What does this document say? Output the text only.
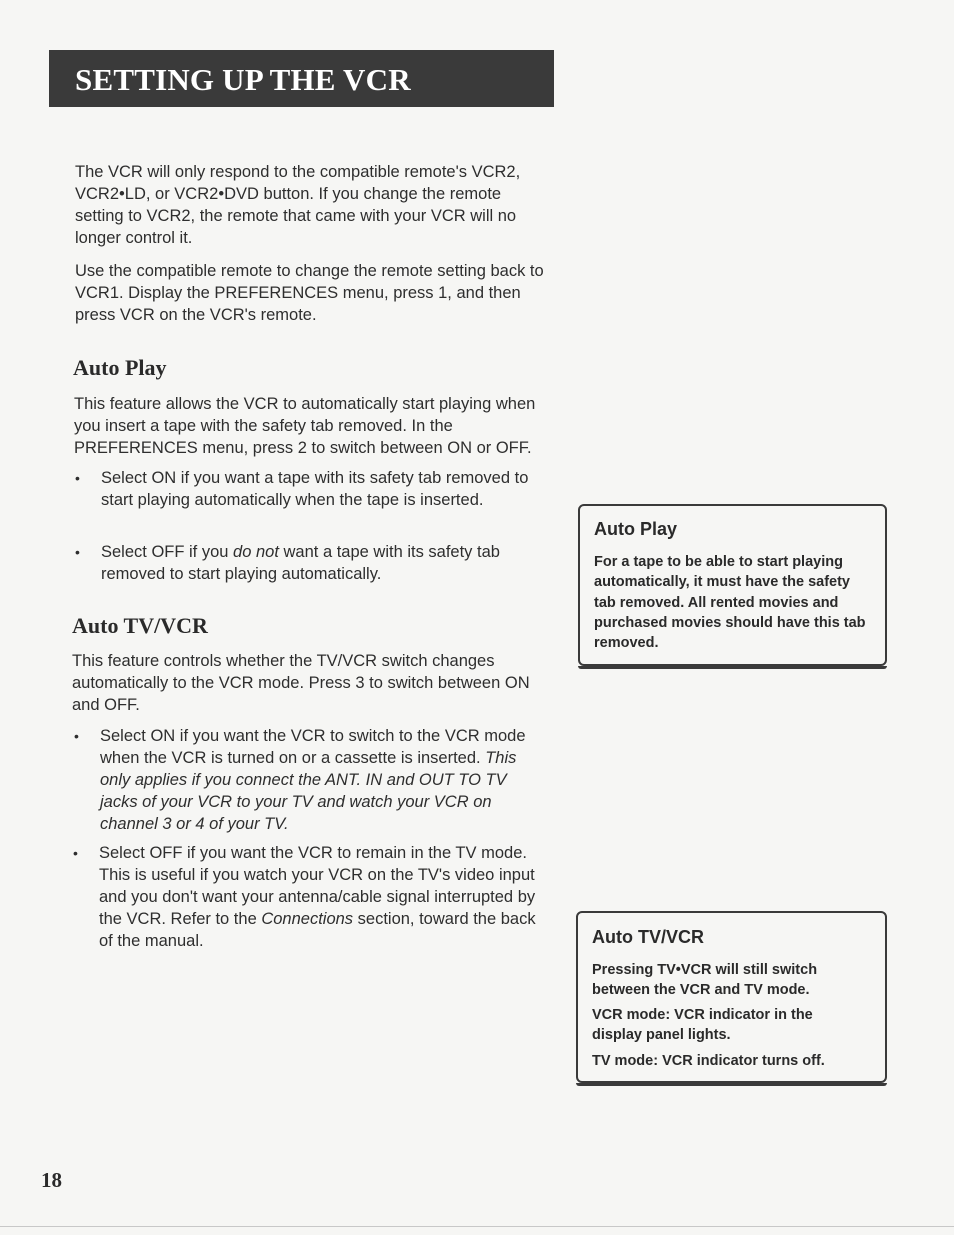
SETTING UP THE VCR

The VCR will only respond to the compatible remote's VCR2, VCR2•LD, or VCR2•DVD button. If you change the remote setting to VCR2, the remote that came with your VCR will no longer control it.

Use the compatible remote to change the remote setting back to VCR1. Display the PREFERENCES menu, press 1, and then press VCR on the VCR's remote.

Auto Play

This feature allows the VCR to automatically start playing when you insert a tape with the safety tab removed. In the PREFERENCES menu, press 2 to switch between ON or OFF.

• Select ON if you want a tape with its safety tab removed to start playing automatically when the tape is inserted.
• Select OFF if you do not want a tape with its safety tab removed to start playing automatically.
Auto TV/VCR

This feature controls whether the TV/VCR switch changes automatically to the VCR mode. Press 3 to switch between ON and OFF.

• Select ON if you want the VCR to switch to the VCR mode when the VCR is turned on or a cassette is inserted. This only applies if you connect the ANT. IN and OUT TO TV jacks of your VCR to your TV and watch your VCR on channel 3 or 4 of your TV.
• Select OFF if you want the VCR to remain in the TV mode. This is useful if you watch your VCR on the TV's video input and you don't want your antenna/cable signal interrupted by the VCR. Refer to the Connections section, toward the back of the manual.
Auto Play
For a tape to be able to start playing automatically, it must have the safety tab removed. All rented movies and purchased movies should have this tab removed.
Auto TV/VCR
Pressing TV•VCR will still switch between the VCR and TV mode.
VCR mode: VCR indicator in the display panel lights.
TV mode: VCR indicator turns off.
18
